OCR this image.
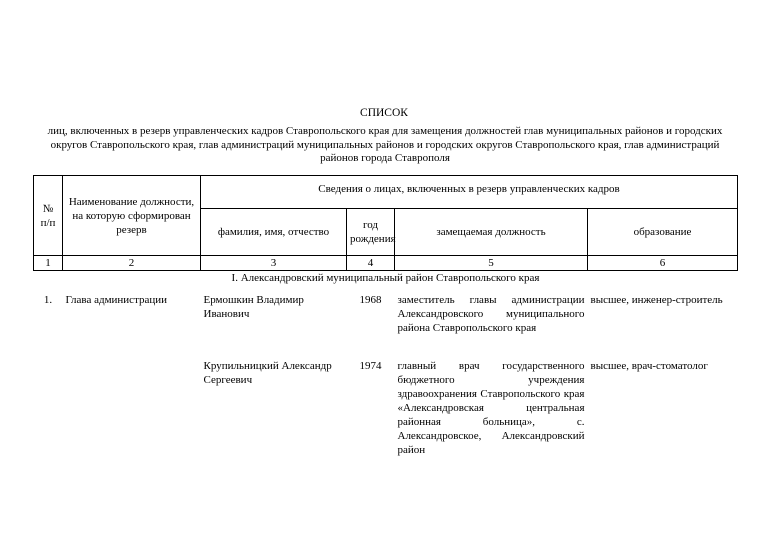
СПИСОК
лиц, включенных в резерв управленческих кадров Ставропольского края для замещения должностей глав муниципальных районов и городских округов Ставропольского края, глав администраций муниципальных районов и городских округов Ставропольского края, глав администраций районов города Ставрополя
№ п/п	Наименование должности, на которую сформирован резерв	Сведения о лицах, включенных в резерв управленческих кадров			
		фамилия, имя, отчество	год рождения	замещаемая должность	образование
1	2	3	4	5	6
I. Александровский муниципальный район Ставропольского края					
1.	Глава администрации	Ермошкин Владимир Иванович	1968	заместитель главы администрации Александровского муниципального района Ставропольского края	высшее, инженер-строитель

		Крупильницкий Александр Сергеевич	1974	главный врач государственного бюджетного учреждения здравоохранения Ставропольского края «Александровская центральная районная больница», с. Александровское, Александровский район	высшее, врач-стоматолог
